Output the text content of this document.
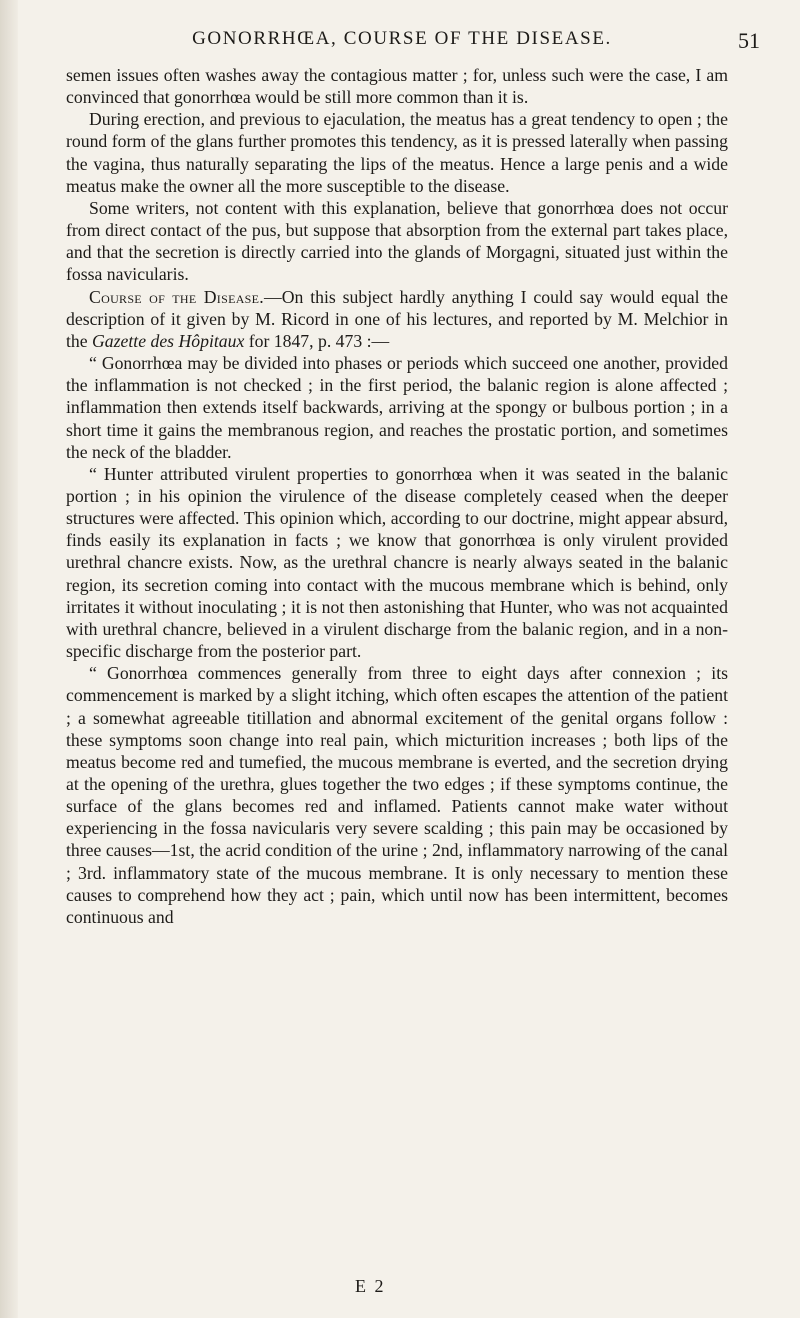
GONORRHŒA, COURSE OF THE DISEASE.	51

semen issues often washes away the contagious matter ; for, unless such were the case, I am convinced that gonorrhœa would be still more common than it is.

During erection, and previous to ejaculation, the meatus has a great tendency to open ; the round form of the glans further promotes this tendency, as it is pressed laterally when passing the vagina, thus naturally separating the lips of the meatus. Hence a large penis and a wide meatus make the owner all the more susceptible to the disease.

Some writers, not content with this explanation, believe that gonorrhœa does not occur from direct contact of the pus, but suppose that absorption from the external part takes place, and that the secretion is directly carried into the glands of Morgagni, situated just within the fossa navicularis.

Course of the Disease.—On this subject hardly anything I could say would equal the description of it given by M. Ricord in one of his lectures, and reported by M. Melchior in the Gazette des Hôpitaux for 1847, p. 473 :—

“ Gonorrhœa may be divided into phases or periods which succeed one another, provided the inflammation is not checked ; in the first period, the balanic region is alone affected ; inflammation then extends itself backwards, arriving at the spongy or bulbous portion ; in a short time it gains the membranous region, and reaches the prostatic portion, and sometimes the neck of the bladder.

“ Hunter attributed virulent properties to gonorrhœa when it was seated in the balanic portion ; in his opinion the virulence of the disease completely ceased when the deeper structures were affected. This opinion which, according to our doctrine, might appear absurd, finds easily its explanation in facts ; we know that gonorrhœa is only virulent provided urethral chancre exists. Now, as the urethral chancre is nearly always seated in the balanic region, its secretion coming into contact with the mucous membrane which is behind, only irritates it without inoculating ; it is not then astonishing that Hunter, who was not acquainted with urethral chancre, believed in a virulent discharge from the balanic region, and in a non-specific discharge from the posterior part.

“ Gonorrhœa commences generally from three to eight days after connexion ; its commencement is marked by a slight itching, which often escapes the attention of the patient ; a somewhat agreeable titillation and abnormal excitement of the genital organs follow : these symptoms soon change into real pain, which micturition increases ; both lips of the meatus become red and tumefied, the mucous membrane is everted, and the secretion drying at the opening of the urethra, glues together the two edges ; if these symptoms continue, the surface of the glans becomes red and inflamed. Patients cannot make water without experiencing in the fossa navicularis very severe scalding ; this pain may be occasioned by three causes—1st, the acrid condition of the urine ; 2nd, inflammatory narrowing of the canal ; 3rd. inflammatory state of the mucous membrane. It is only necessary to mention these causes to comprehend how they act ; pain, which until now has been intermittent, becomes continuous and

E 2
